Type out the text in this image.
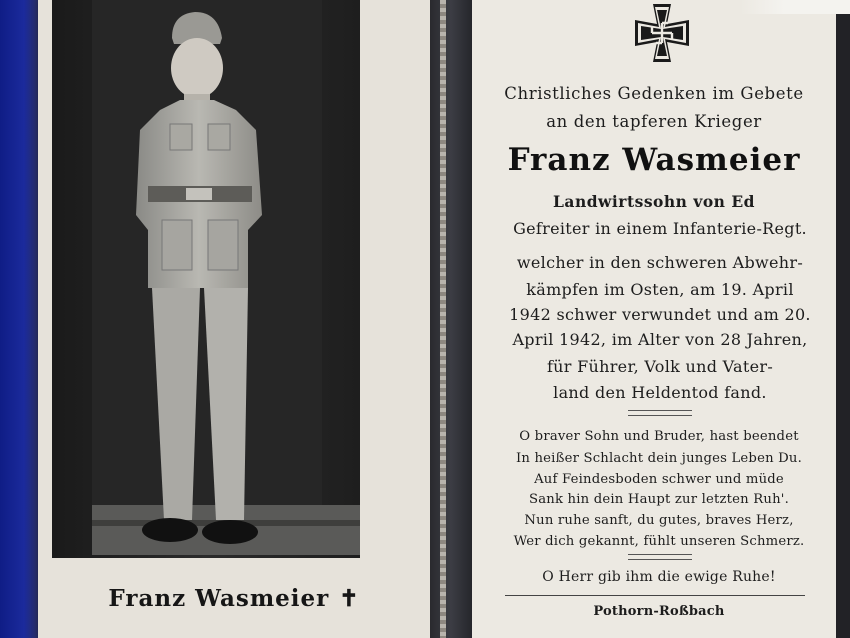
Franz Wasmeier ✝
Christliches Gedenken im Gebete
an den tapferen Krieger
Franz Wasmeier
Landwirtssohn von Ed
Gefreiter in einem Infanterie-Regt.
welcher in den schweren Abwehr-
kämpfen im Osten, am 19. April
1942 schwer verwundet und am 20.
April 1942, im Alter von 28 Jahren,
für Führer, Volk und Vater-
land den Heldentod fand.
O braver Sohn und Bruder, hast beendet
In heißer Schlacht dein junges Leben Du.
Auf Feindesboden schwer und müde
Sank hin dein Haupt zur letzten Ruh'.
Nun ruhe sanft, du gutes, braves Herz,
Wer dich gekannt, fühlt unseren Schmerz.
O Herr gib ihm die ewige Ruhe!
Pothorn-Roßbach
